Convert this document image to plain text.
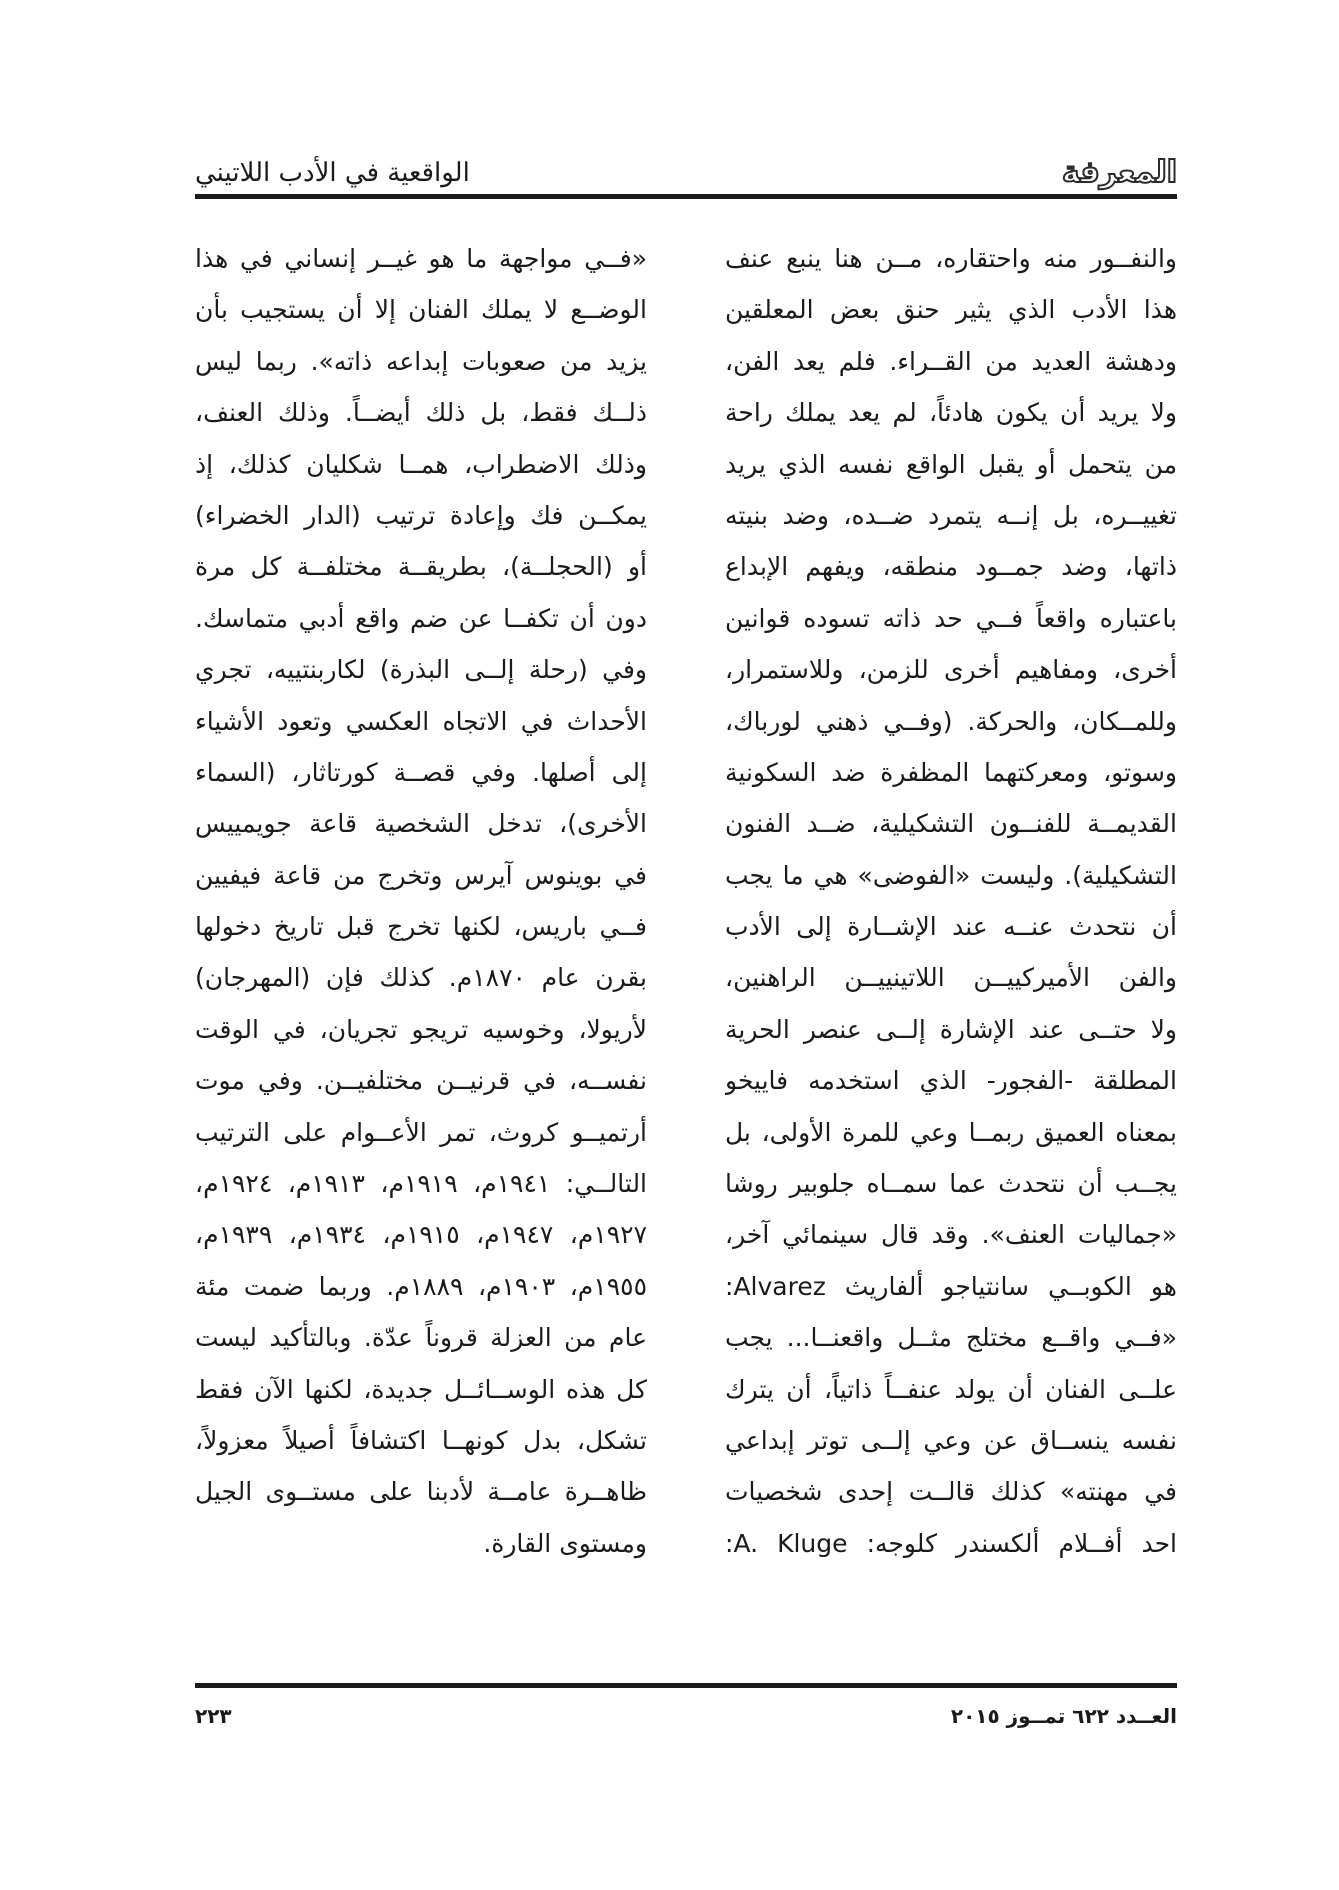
المعرفة
الواقعية في الأدب اللاتيني
والنفــور منه واحتقاره، مــن هنا ينبع عنف
هذا الأدب الذي يثير حنق بعض المعلقين
ودهشة العديد من القــراء. فلم يعد الفن،
ولا يريد أن يكون هادئاً، لم يعد يملك راحة
من يتحمل أو يقبل الواقع نفسه الذي يريد
تغييــره، بل إنــه يتمرد ضــده، وضد بنيته
ذاتها، وضد جمــود منطقه، ويفهم الإبداع
باعتباره واقعاً فــي حد ذاته تسوده قوانين
أخرى، ومفاهيم أخرى للزمن، وللاستمرار،
وللمــكان، والحركة. (وفــي ذهني لورباك،
وسوتو، ومعركتهما المظفرة ضد السكونية
القديمــة للفنــون التشكيلية، ضــد الفنون
التشكيلية). وليست «الفوضى» هي ما يجب
أن نتحدث عنــه عند الإشــارة إلى الأدب
والفن الأميركييــن اللاتينييــن الراهنين،
ولا حتــى عند الإشارة إلــى عنصر الحرية
المطلقة -الفجور- الذي استخدمه فاييخو
بمعناه العميق ربمــا وعي للمرة الأولى، بل
يجــب أن نتحدث عما سمــاه جلوبير روشا
«جماليات العنف». وقد قال سينمائي آخر،
هو الكوبــي سانتياجو ألفاريث Alvarez:
«فــي واقــع مختلج مثــل واقعنــا... يجب
علــى الفنان أن يولد عنفــاً ذاتياً، أن يترك
نفسه ينســاق عن وعي إلــى توتر إبداعي
في مهنته» كذلك قالــت إحدى شخصيات
احد أفــلام ألكسندر كلوجه: A. Kluge:
«فــي مواجهة ما هو غيــر إنساني في هذا
الوضــع لا يملك الفنان إلا أن يستجيب بأن
يزيد من صعوبات إبداعه ذاته». ربما ليس
ذلــك فقط، بل ذلك أيضــاً. وذلك العنف،
وذلك الاضطراب، همــا شكليان كذلك، إذ
يمكــن فك وإعادة ترتيب (الدار الخضراء)
أو (الحجلــة)، بطريقــة مختلفــة كل مرة
دون أن تكفــا عن ضم واقع أدبي متماسك.
وفي (رحلة إلــى البذرة) لكاربنتييه، تجري
الأحداث في الاتجاه العكسي وتعود الأشياء
إلى أصلها. وفي قصــة كورتاثار، (السماء
الأخرى)، تدخل الشخصية قاعة جويمييس
في بوينوس آيرس وتخرج من قاعة فيفيين
فــي باريس، لكنها تخرج قبل تاريخ دخولها
بقرن عام ١٨٧٠م. كذلك فإن (المهرجان)
لأريولا، وخوسيه تريجو تجريان، في الوقت
نفســه، في قرنيــن مختلفيــن. وفي موت
أرتميــو كروث، تمر الأعــوام على الترتيب
التالــي: ١٩٤١م، ١٩١٩م، ١٩١٣م، ١٩٢٤م،
١٩٢٧م، ١٩٤٧م، ١٩١٥م، ١٩٣٤م، ١٩٣٩م،
١٩٥٥م، ١٩٠٣م، ١٨٨٩م. وربما ضمت مئة
عام من العزلة قروناً عدّة. وبالتأكيد ليست
كل هذه الوســائــل جديدة، لكنها الآن فقط
تشكل، بدل كونهــا اكتشافاً أصيلاً معزولاً،
ظاهــرة عامــة لأدبنا على مستــوى الجيل
ومستوى القارة.
العــدد ٦٢٢ تمــوز ٢٠١٥
٢٢٣
